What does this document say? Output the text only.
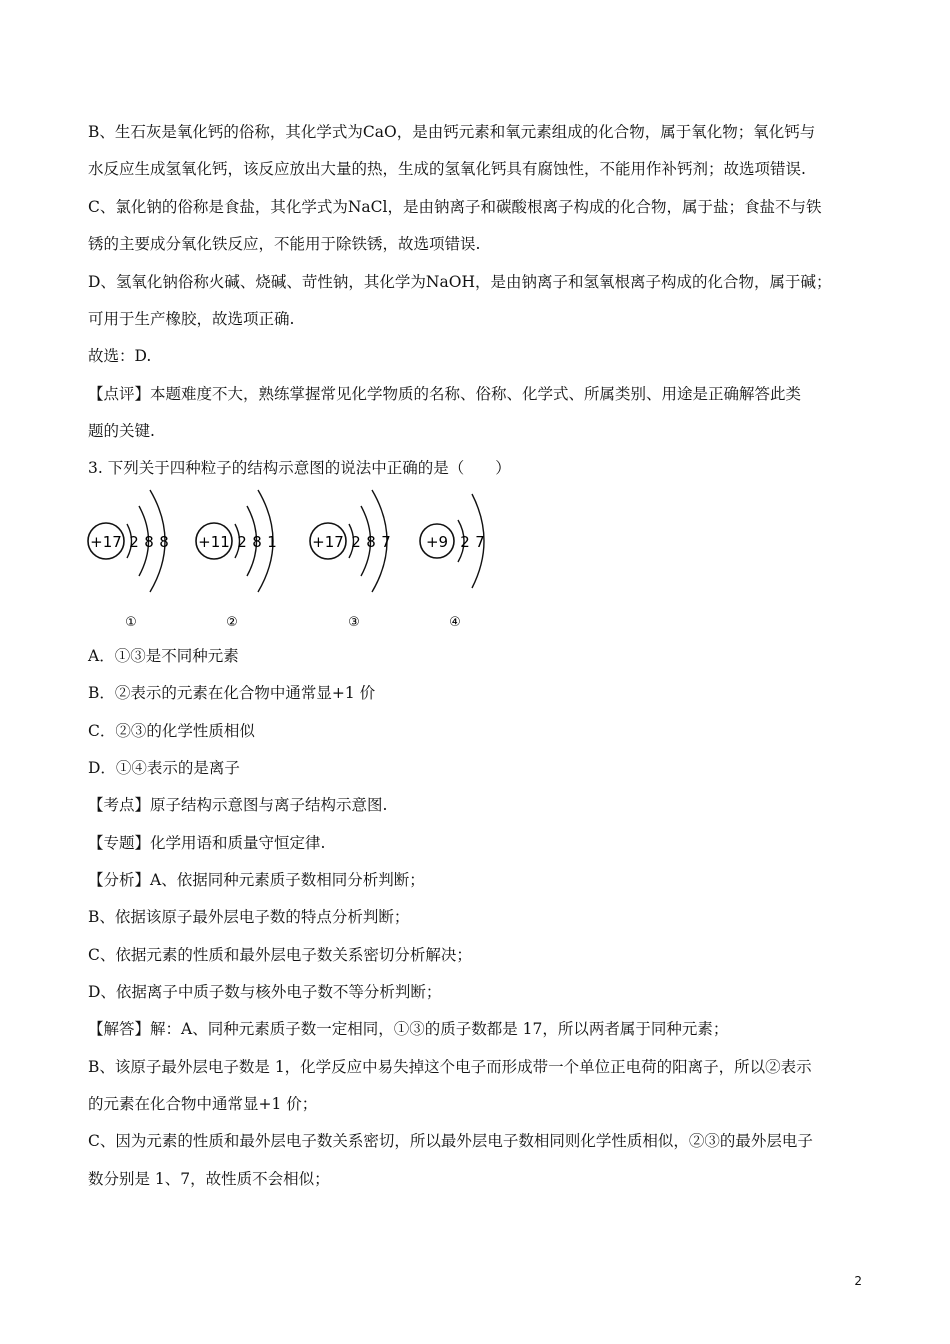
B、生石灰是氧化钙的俗称，其化学式为CaO，是由钙元素和氧元素组成的化合物，属于氧化物；氧化钙与
水反应生成氢氧化钙，该反应放出大量的热，生成的氢氧化钙具有腐蚀性，不能用作补钙剂；故选项错误.
C、氯化钠的俗称是食盐，其化学式为NaCl，是由钠离子和碳酸根离子构成的化合物，属于盐；食盐不与铁
锈的主要成分氧化铁反应，不能用于除铁锈，故选项错误.
D、氢氧化钠俗称火碱、烧碱、苛性钠，其化学为NaOH，是由钠离子和氢氧根离子构成的化合物，属于碱；
可用于生产橡胶，故选项正确.
故选：D.
【点评】本题难度不大，熟练掌握常见化学物质的名称、俗称、化学式、所属类别、用途是正确解答此类
题的关键.
3. 下列关于四种粒子的结构示意图的说法中正确的是（　　）
+17 2 8 8
①
+11 2 8 1
②
+17 2 8 7
③
+9 2 7
④
A．①③是不同种元素
B．②表示的元素在化合物中通常显+1 价
C．②③的化学性质相似
D．①④表示的是离子
【考点】原子结构示意图与离子结构示意图.
【专题】化学用语和质量守恒定律.
【分析】A、依据同种元素质子数相同分析判断；
B、依据该原子最外层电子数的特点分析判断；
C、依据元素的性质和最外层电子数关系密切分析解决；
D、依据离子中质子数与核外电子数不等分析判断；
【解答】解：A、同种元素质子数一定相同，①③的质子数都是 17，所以两者属于同种元素；
B、该原子最外层电子数是 1，化学反应中易失掉这个电子而形成带一个单位正电荷的阳离子，所以②表示
的元素在化合物中通常显+1 价；
C、因为元素的性质和最外层电子数关系密切，所以最外层电子数相同则化学性质相似，②③的最外层电子
数分别是 1、7，故性质不会相似；
2
